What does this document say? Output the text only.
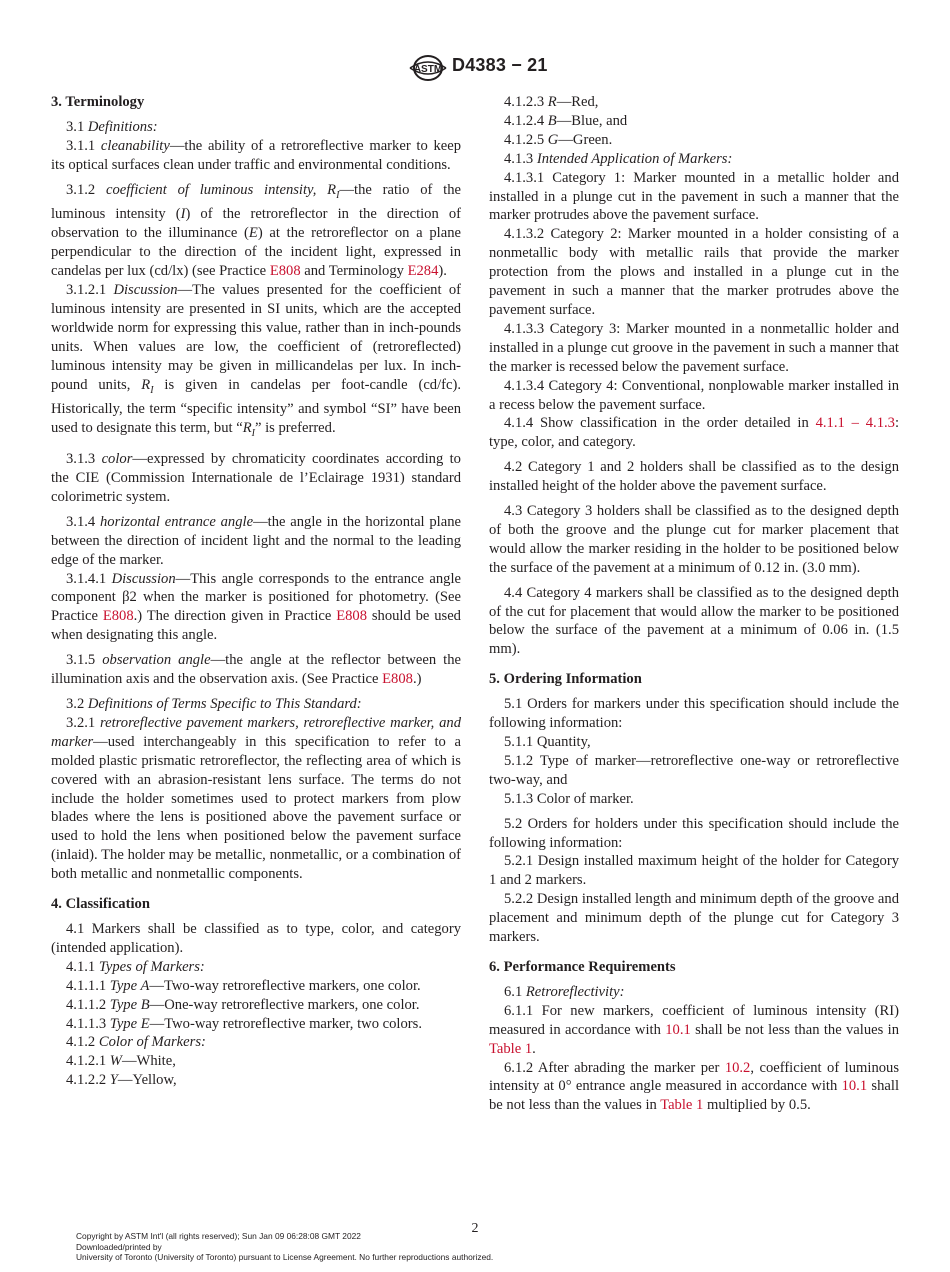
ASTM D4383 − 21
3. Terminology

3.1 Definitions:

3.1.1 cleanability—the ability of a retroreflective marker to keep its optical surfaces clean under traffic and environmental conditions.

3.1.2 coefficient of luminous intensity, $R_I—the$ ratio of the luminous intensity (I) of the retroreflector in the direction of observation to the illuminance (E) at the retroreflector on a plane perpendicular to the direction of the incident light, expressed in candelas per lux (cd/lx) (see Practice E808 and Terminology E284).

3.1.2.1 Discussion—The values presented for the coefficient of luminous intensity are presented in SI units, which are the accepted worldwide norm for expressing this value, rather than in inch-pounds units. When values are low, the coefficient of (retroreflected) luminous intensity may be given in millicandelas per lux. In inch-pound units, $R_I$ is given in candelas per foot-candle (cd/fc). Historically, the term “specific intensity” and symbol “SI” have been used to designate this term, but “$R_I$” is preferred.

3.1.3 color—expressed by chromaticity coordinates according to the CIE (Commission Internationale de l’Eclairage 1931) standard colorimetric system.

3.1.4 horizontal entrance angle—the angle in the horizontal plane between the direction of incident light and the normal to the leading edge of the marker.

3.1.4.1 Discussion—This angle corresponds to the entrance angle component β2 when the marker is positioned for photometry. (See Practice E808.) The direction given in Practice E808 should be used when designating this angle.

3.1.5 observation angle—the angle at the reflector between the illumination axis and the observation axis. (See Practice E808.)

3.2 Definitions of Terms Specific to This Standard:

3.2.1 retroreflective pavement markers, retroreflective marker, and marker—used interchangeably in this specification to refer to a molded plastic prismatic retroreflector, the reflecting area of which is covered with an abrasion-resistant lens surface. The terms do not include the holder sometimes used to protect markers from plow blades where the lens is positioned above the pavement surface or used to hold the lens when positioned below the pavement surface (inlaid). The holder may be metallic, nonmetallic, or a combination of both metallic and nonmetallic components.

4. Classification

4.1 Markers shall be classified as to type, color, and category (intended application).

4.1.1 Types of Markers:

4.1.1.1 Type A—Two-way retroreflective markers, one color.

4.1.1.2 Type B—One-way retroreflective markers, one color.

4.1.1.3 Type E—Two-way retroreflective marker, two colors.

4.1.2 Color of Markers:

4.1.2.1 W—White,

4.1.2.2 Y—Yellow,

4.1.2.3 R—Red,

4.1.2.4 B—Blue, and

4.1.2.5 G—Green.

4.1.3 Intended Application of Markers:

4.1.3.1 Category 1: Marker mounted in a metallic holder and installed in a plunge cut in the pavement in such a manner that the marker protrudes above the pavement surface.

4.1.3.2 Category 2: Marker mounted in a holder consisting of a nonmetallic body with metallic rails that provide the marker protection from the plows and installed in a plunge cut in the pavement in such a manner that the marker protrudes above the pavement surface.

4.1.3.3 Category 3: Marker mounted in a nonmetallic holder and installed in a plunge cut groove in the pavement in such a manner that the marker is recessed below the pavement surface.

4.1.3.4 Category 4: Conventional, nonplowable marker installed in a recess below the pavement surface.

4.1.4 Show classification in the order detailed in 4.1.1 – 4.1.3: type, color, and category.

4.2 Category 1 and 2 holders shall be classified as to the design installed height of the holder above the pavement surface.

4.3 Category 3 holders shall be classified as to the designed depth of both the groove and the plunge cut for marker placement that would allow the marker residing in the holder to be positioned below the surface of the pavement at a minimum of 0.12 in. (3.0 mm).

4.4 Category 4 markers shall be classified as to the designed depth of the cut for placement that would allow the marker to be positioned below the surface of the pavement at a minimum of 0.06 in. (1.5 mm).

5. Ordering Information

5.1 Orders for markers under this specification should include the following information:

5.1.1 Quantity,

5.1.2 Type of marker—retroreflective one-way or retroreflective two-way, and

5.1.3 Color of marker.

5.2 Orders for holders under this specification should include the following information:

5.2.1 Design installed maximum height of the holder for Category 1 and 2 markers.

5.2.2 Design installed length and minimum depth of the groove and placement and minimum depth of the plunge cut for Category 3 markers.

6. Performance Requirements

6.1 Retroreflectivity:

6.1.1 For new markers, coefficient of luminous intensity (RI) measured in accordance with 10.1 shall be not less than the values in Table 1.

6.1.2 After abrading the marker per 10.2, coefficient of luminous intensity at 0° entrance angle measured in accordance with 10.1 shall be not less than the values in Table 1 multiplied by 0.5.

2
Copyright by ASTM Int'l (all rights reserved); Sun Jan 09 06:28:08 GMT 2022
Downloaded/printed by
University of Toronto (University of Toronto) pursuant to License Agreement. No further reproductions authorized.
